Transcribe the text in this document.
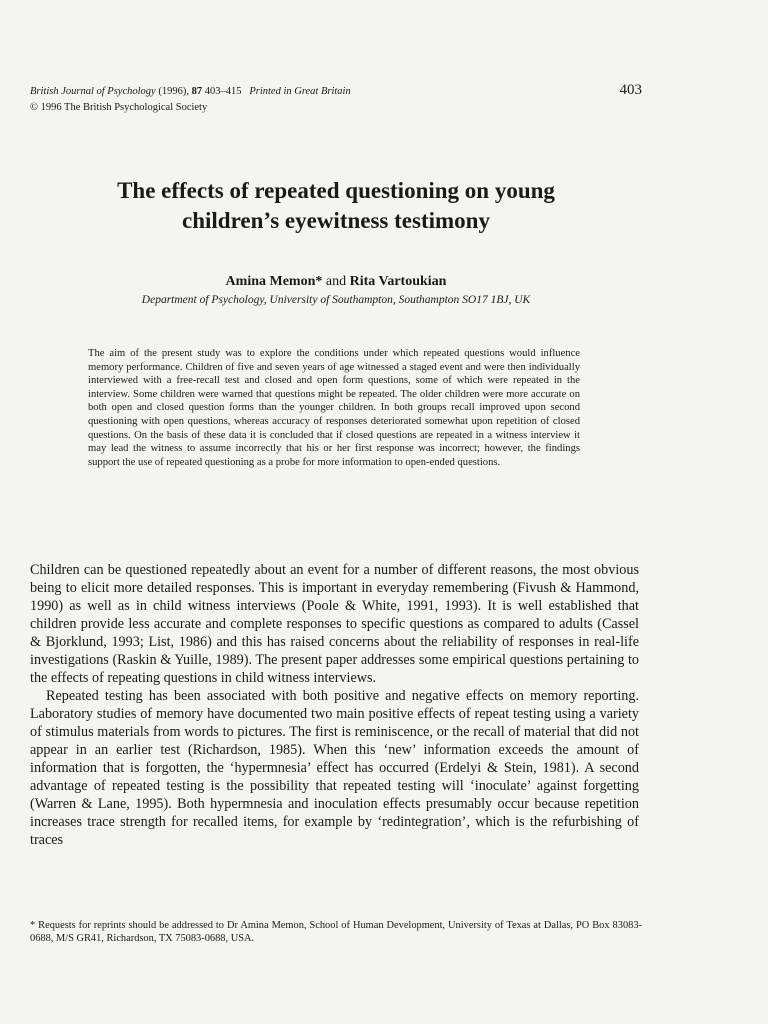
British Journal of Psychology (1996), 87 403–415 Printed in Great Britain
© 1996 The British Psychological Society
403
The effects of repeated questioning on young
children’s eyewitness testimony
Amina Memon* and Rita Vartoukian
Department of Psychology, University of Southampton, Southampton SO17 1BJ, UK
The aim of the present study was to explore the conditions under which repeated questions would influence memory performance. Children of five and seven years of age witnessed a staged event and were then individually interviewed with a free-recall test and closed and open form questions, some of which were repeated in the interview. Some children were warned that questions might be repeated. The older children were more accurate on both open and closed question forms than the younger children. In both groups recall improved upon second questioning with open questions, whereas accuracy of responses deteriorated somewhat upon repetition of closed questions. On the basis of these data it is concluded that if closed questions are repeated in a witness interview it may lead the witness to assume incorrectly that his or her first response was incorrect; however, the findings support the use of repeated questioning as a probe for more information to open-ended questions.

Children can be questioned repeatedly about an event for a number of different reasons, the most obvious being to elicit more detailed responses. This is important in everyday remembering (Fivush & Hammond, 1990) as well as in child witness interviews (Poole & White, 1991, 1993). It is well established that children provide less accurate and complete responses to specific questions as compared to adults (Cassel & Bjorklund, 1993; List, 1986) and this has raised concerns about the reliability of responses in real-life investigations (Raskin & Yuille, 1989). The present paper addresses some empirical questions pertaining to the effects of repeating questions in child witness interviews.

Repeated testing has been associated with both positive and negative effects on memory reporting. Laboratory studies of memory have documented two main positive effects of repeat testing using a variety of stimulus materials from words to pictures. The first is reminiscence, or the recall of material that did not appear in an earlier test (Richardson, 1985). When this ‘new’ information exceeds the amount of information that is forgotten, the ‘hypermnesia’ effect has occurred (Erdelyi & Stein, 1981). A second advantage of repeated testing is the possibility that repeated testing will ‘inoculate’ against forgetting (Warren & Lane, 1995). Both hypermnesia and inoculation effects presumably occur because repetition increases trace strength for recalled items, for example by ‘redintegration’, which is the refurbishing of traces

* Requests for reprints should be addressed to Dr Amina Memon, School of Human Development, University of Texas at Dallas, PO Box 83083-0688, M/S GR41, Richardson, TX 75083-0688, USA.
